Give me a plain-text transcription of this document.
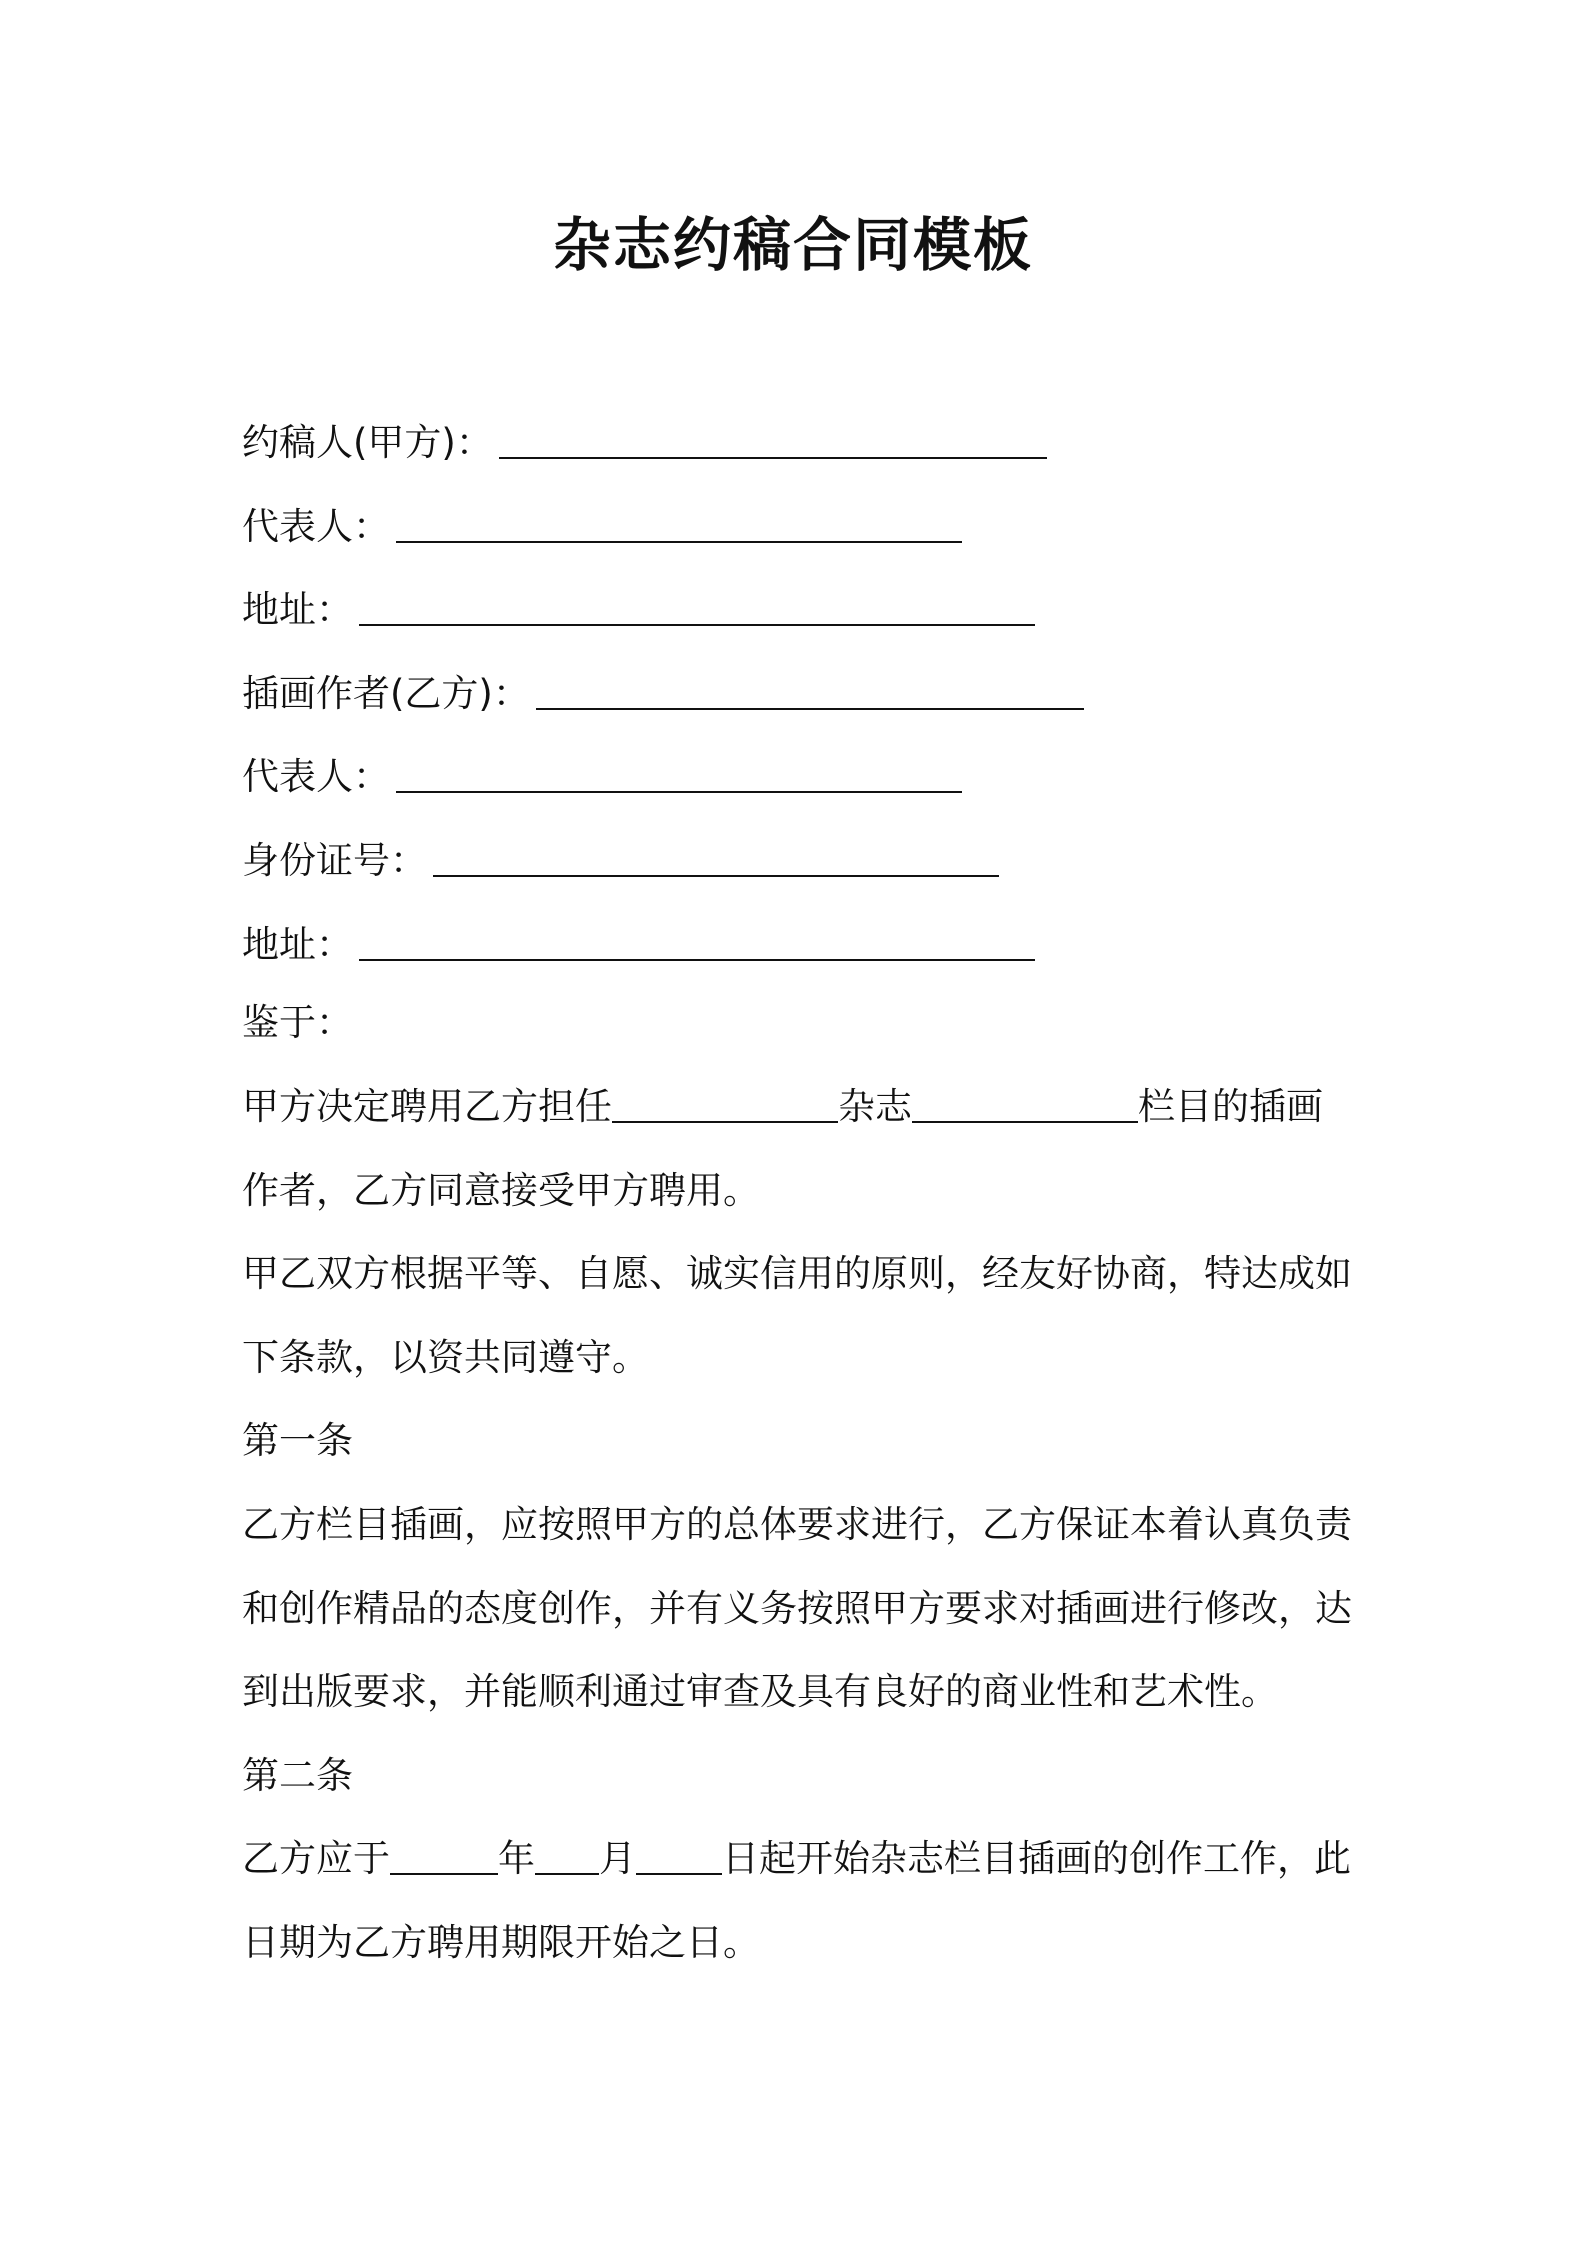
杂志约稿合同模板

约稿人(甲方)：

代表人：

地址：

插画作者(乙方)：

代表人：

身份证号：

地址：

鉴于：

甲方决定聘用乙方担任	杂志	栏目的插画

作者，乙方同意接受甲方聘用。

甲乙双方根据平等、自愿、诚实信用的原则，经友好协商，特达成如

下条款，以资共同遵守。

第一条

乙方栏目插画，应按照甲方的总体要求进行，乙方保证本着认真负责

和创作精品的态度创作，并有义务按照甲方要求对插画进行修改，达

到出版要求，并能顺利通过审查及具有良好的商业性和艺术性。

第二条

乙方应于	年 月 日起开始杂志栏目插画的创作工作，此

日期为乙方聘用期限开始之日。
